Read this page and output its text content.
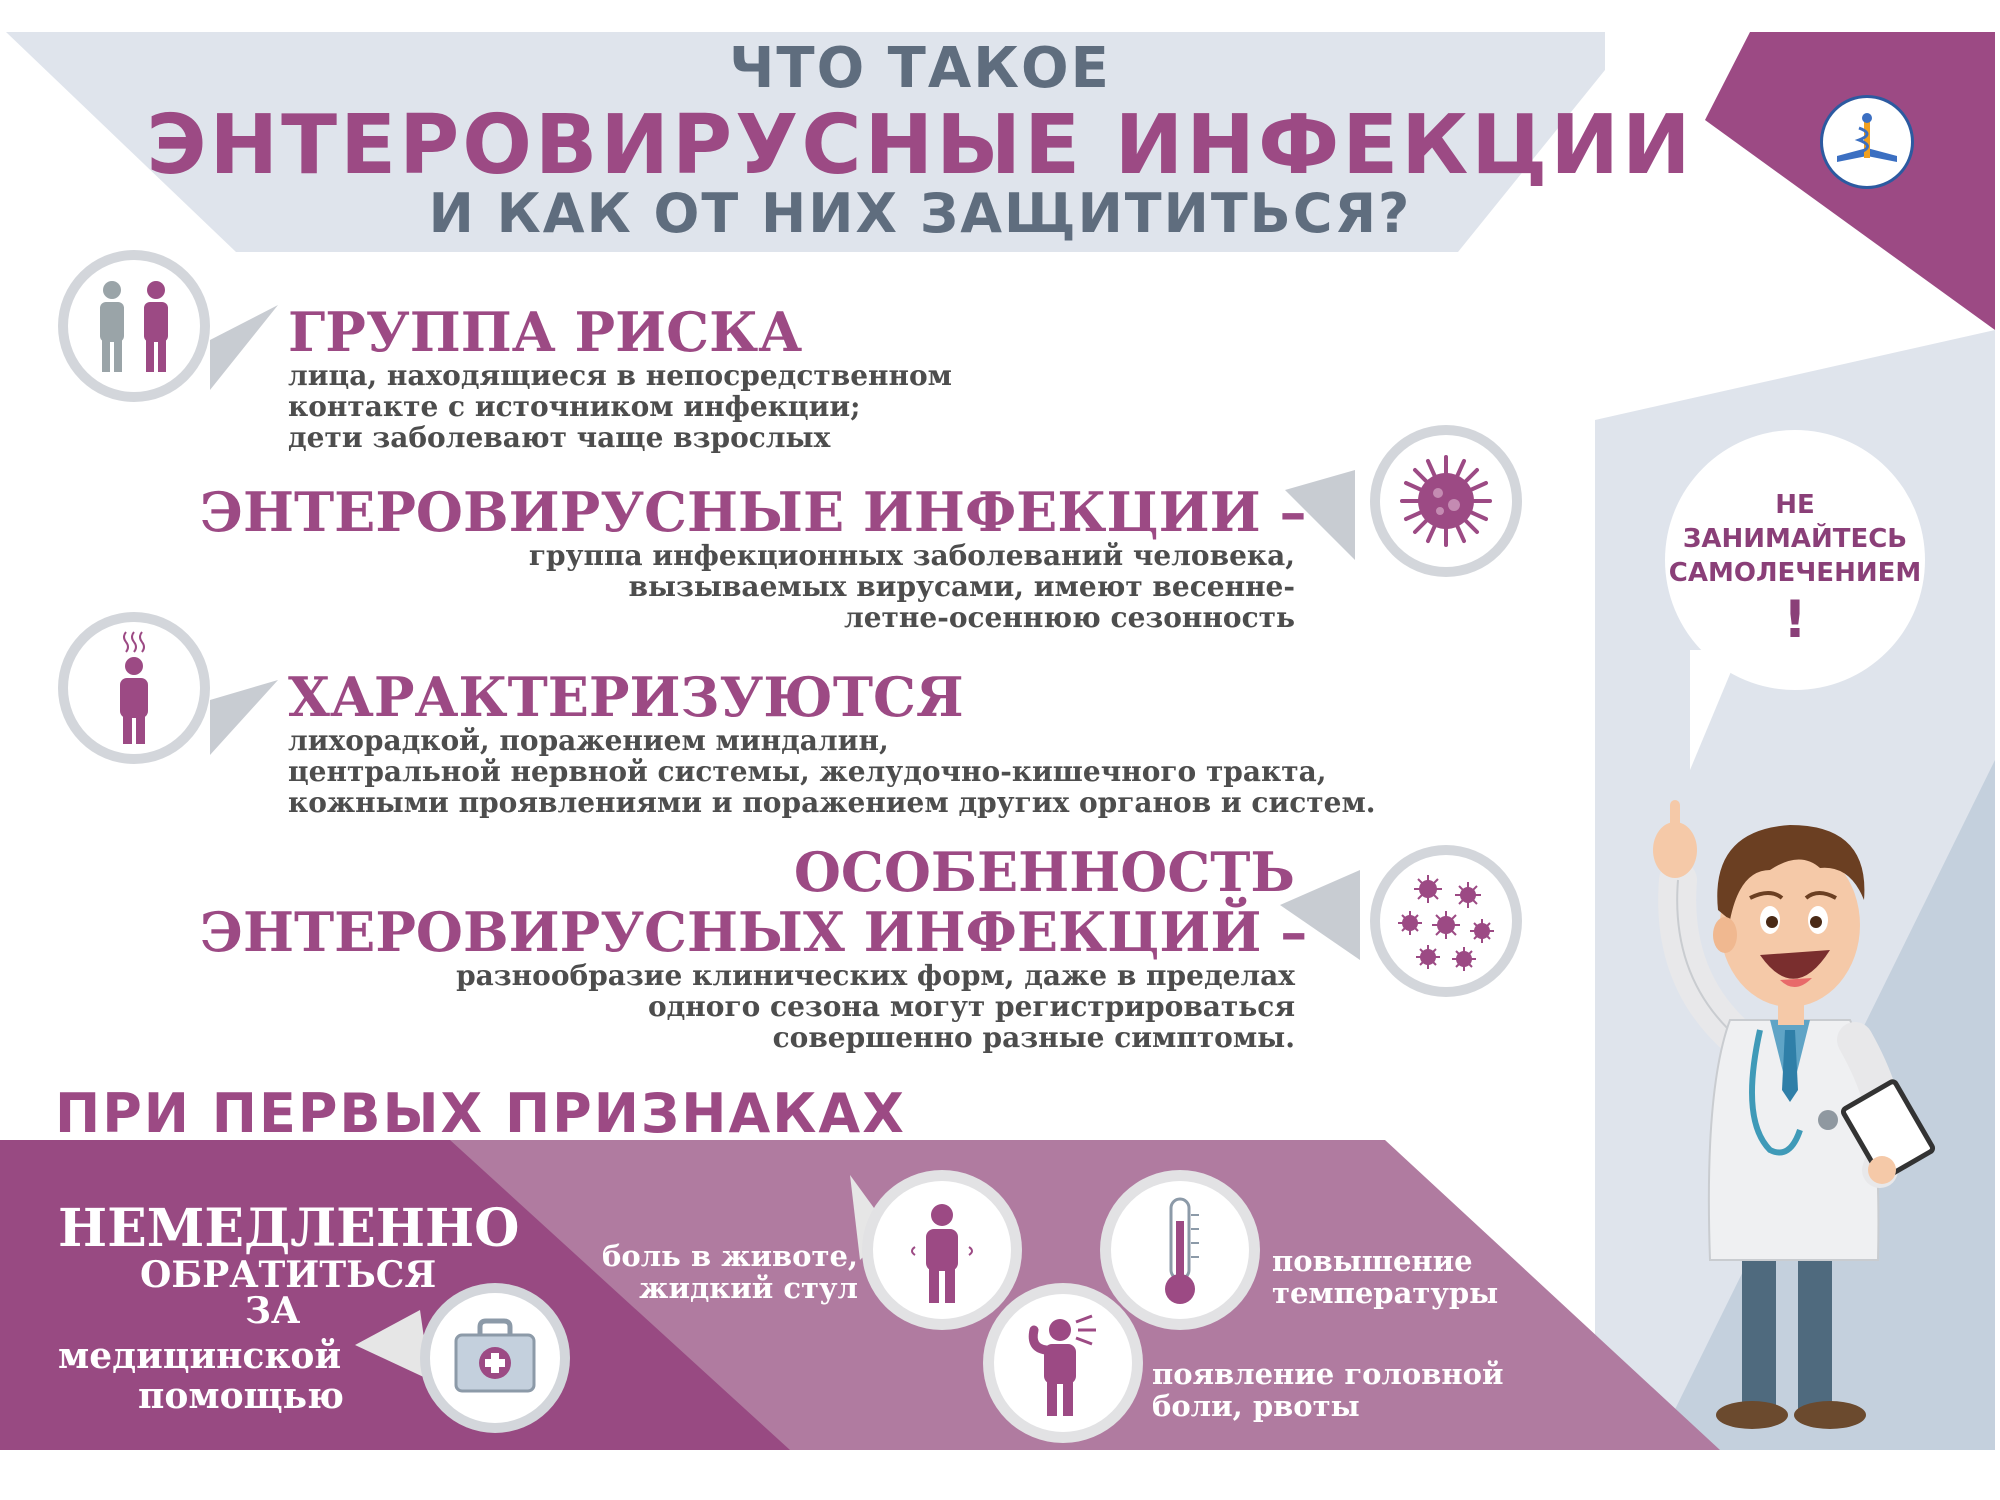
ЧТО ТАКОЕ
ЭНТЕРОВИРУСНЫЕ ИНФЕКЦИИ
И КАК ОТ НИХ ЗАЩИТИТЬСЯ?
ГРУППА РИСКА
лица, находящиеся в непосредственном
контакте с источником инфекции;
дети заболевают чаще взрослых
ЭНТЕРОВИРУСНЫЕ ИНФЕКЦИИ –
группа инфекционных заболеваний человека,
вызываемых вирусами, имеют весенне-
летне-осеннюю сезонность
ХАРАКТЕРИЗУЮТСЯ
лихорадкой, поражением миндалин,
центральной нервной системы, желудочно-кишечного тракта,
кожными проявлениями и поражением других органов и систем.
ОСОБЕННОСТЬ
ЭНТЕРОВИРУСНЫХ ИНФЕКЦИЙ –
разнообразие клинических форм, даже в пределах
одного сезона могут регистрироваться
совершенно разные симптомы.
НЕ
ЗАНИМАЙТЕСЬ
САМОЛЕЧЕНИЕМ
!
ПРИ ПЕРВЫХ ПРИЗНАКАХ
НЕМЕДЛЕННО
ОБРАТИТЬСЯ
ЗА
медицинской
помощью
боль в животе,
жидкий стул
повышение
температуры
появление головной
боли, рвоты
